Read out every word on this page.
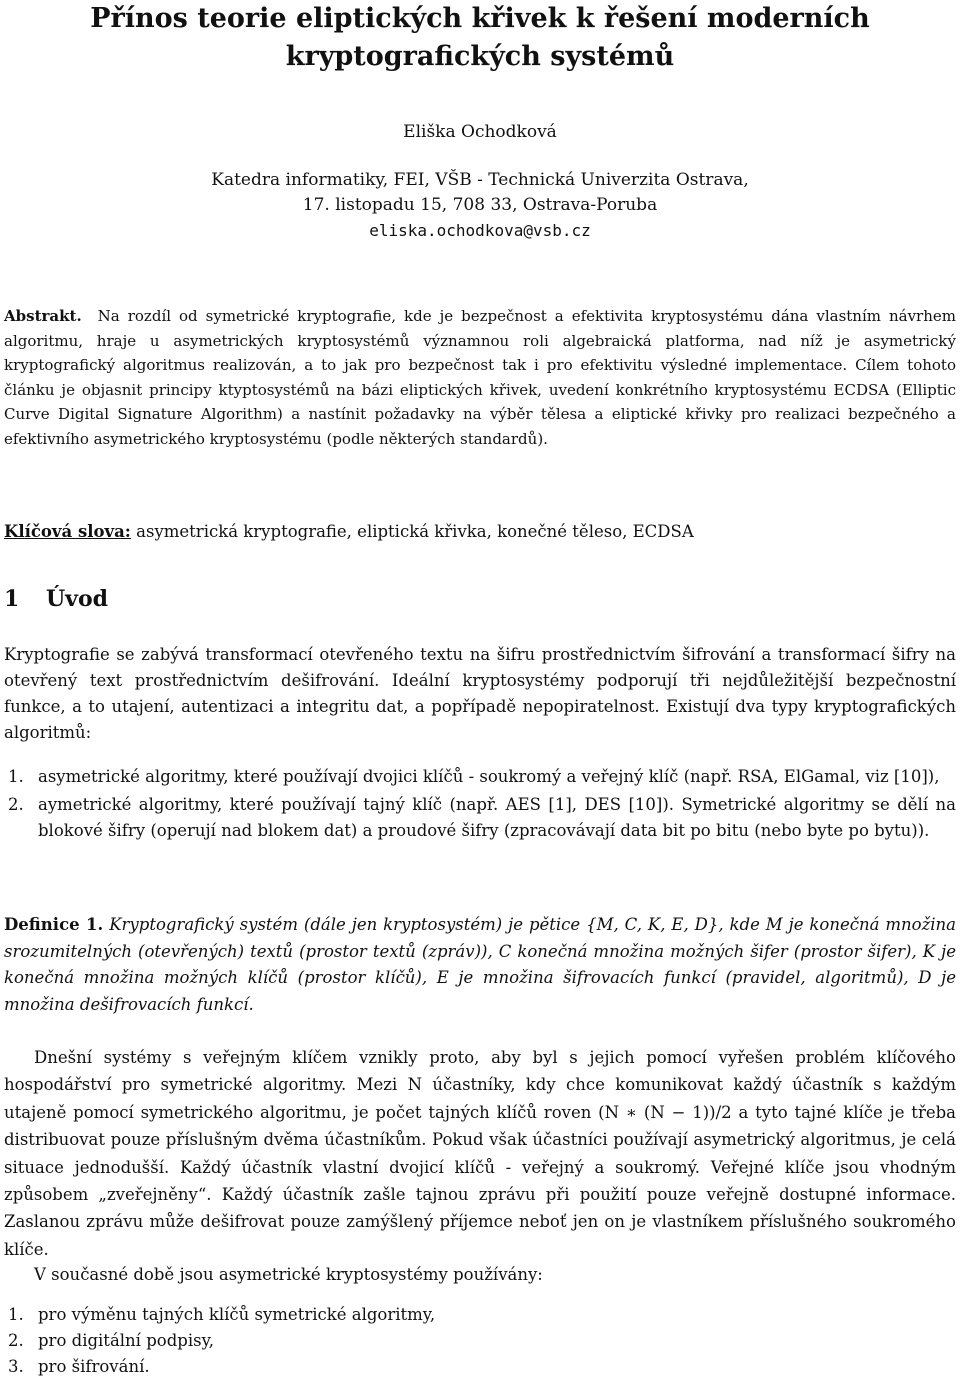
Přínos teorie eliptických křivek k řešení moderních
kryptografických systémů
Eliška Ochodková
Katedra informatiky, FEI, VŠB - Technická Univerzita Ostrava,
17. listopadu 15, 708 33, Ostrava-Poruba
eliska.ochodkova@vsb.cz

Abstrakt. Na rozdíl od symetrické kryptografie, kde je bezpečnost a efektivita kryptosystému dána vlastním návrhem algoritmu, hraje u asymetrických kryptosystémů významnou roli algebraická platforma, nad níž je asymetrický kryptografický algoritmus realizován, a to jak pro bezpečnost tak i pro efektivitu výsledné implementace. Cílem tohoto článku je objasnit principy ktyptosystémů na bázi eliptických křivek, uvedení konkrétního kryptosystému ECDSA (Elliptic Curve Digital Signature Algorithm) a nastínit požadavky na výběr tělesa a eliptické křivky pro realizaci bezpečného a efektivního asymetrického kryptosystému (podle některých standardů).

Klíčová slova: asymetrická kryptografie, eliptická křivka, konečné těleso, ECDSA

1 Úvod

Kryptografie se zabývá transformací otevřeného textu na šifru prostřednictvím šifrování a transformací šifry na otevřený text prostřednictvím dešifrování. Ideální kryptosystémy podporují tři nejdůležitější bezpečnostní funkce, a to utajení, autentizaci a integritu dat, a popřípadě nepopiratelnost. Existují dva typy kryptografických algoritmů:

1. asymetrické algoritmy, které používají dvojici klíčů - soukromý a veřejný klíč (např. RSA, ElGamal, viz [10]),
2. aymetrické algoritmy, které používají tajný klíč (např. AES [1], DES [10]). Symetrické algoritmy se dělí na blokové šifry (operují nad blokem dat) a proudové šifry (zpracovávají data bit po bitu (nebo byte po bytu)).

Definice 1. Kryptografický systém (dále jen kryptosystém) je pětice {M, C, K, E, D}, kde M je konečná množina srozumitelných (otevřených) textů (prostor textů (zpráv)), C konečná množina možných šifer (prostor šifer), K je konečná množina možných klíčů (prostor klíčů), E je množina šifrovacích funkcí (pravidel, algoritmů), D je množina dešifrovacích funkcí.

Dnešní systémy s veřejným klíčem vznikly proto, aby byl s jejich pomocí vyřešen problém klíčového hospodářství pro symetrické algoritmy. Mezi N účastníky, kdy chce komunikovat každý účastník s každým utajeně pomocí symetrického algoritmu, je počet tajných klíčů roven (N ∗ (N − 1))/2 a tyto tajné klíče je třeba distribuovat pouze příslušným dvěma účastníkům. Pokud však účastníci používají asymetrický algoritmus, je celá situace jednodušší. Každý účastník vlastní dvojicí klíčů - veřejný a soukromý. Veřejné klíče jsou vhodným způsobem „zveřejněny“. Každý účastník zašle tajnou zprávu při použití pouze veřejně dostupné informace. Zaslanou zprávu může dešifrovat pouze zamýšlený příjemce neboť jen on je vlastníkem příslušného soukromého klíče.

V současné době jsou asymetrické kryptosystémy používány:

1. pro výměnu tajných klíčů symetrické algoritmy,
2. pro digitální podpisy,
3. pro šifrování.
